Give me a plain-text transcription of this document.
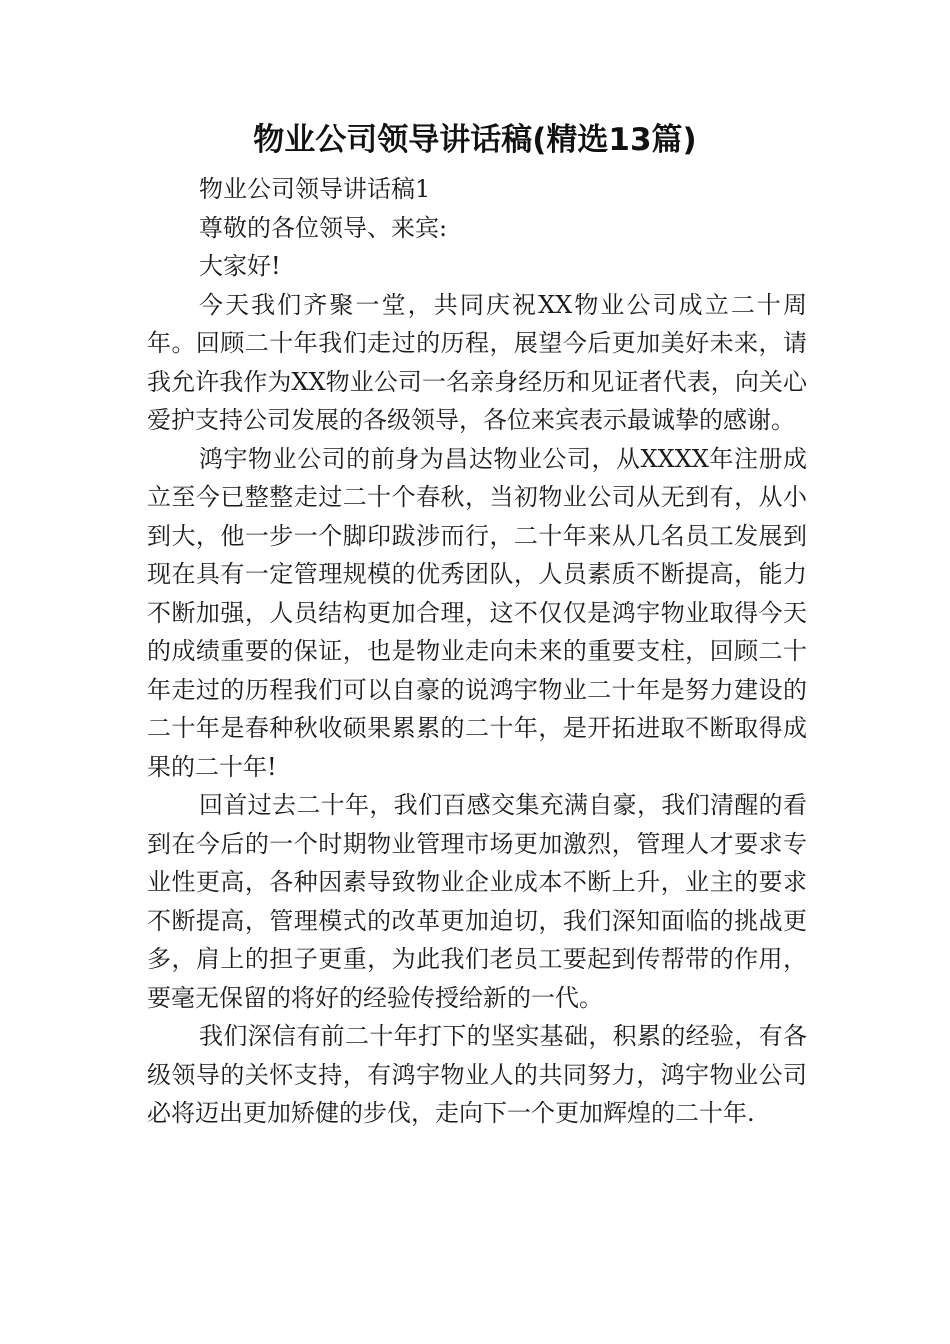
物业公司领导讲话稿(精选13篇)

物业公司领导讲话稿1

尊敬的各位领导、来宾:

大家好!

今天我们齐聚一堂，共同庆祝XX物业公司成立二十周年。回顾二十年我们走过的历程，展望今后更加美好未来，请我允许我作为XX物业公司一名亲身经历和见证者代表，向关心爱护支持公司发展的各级领导，各位来宾表示最诚挚的感谢。

鸿宇物业公司的前身为昌达物业公司，从XXXX年注册成立至今已整整走过二十个春秋，当初物业公司从无到有，从小到大，他一步一个脚印跋涉而行，二十年来从几名员工发展到现在具有一定管理规模的优秀团队，人员素质不断提高，能力不断加强，人员结构更加合理，这不仅仅是鸿宇物业取得今天的成绩重要的保证，也是物业走向未来的重要支柱，回顾二十年走过的历程我们可以自豪的说鸿宇物业二十年是努力建设的二十年是春种秋收硕果累累的二十年，是开拓进取不断取得成果的二十年!

回首过去二十年，我们百感交集充满自豪，我们清醒的看到在今后的一个时期物业管理市场更加激烈，管理人才要求专业性更高，各种因素导致物业企业成本不断上升，业主的要求不断提高，管理模式的改革更加迫切，我们深知面临的挑战更多，肩上的担子更重，为此我们老员工要起到传帮带的作用，要毫无保留的将好的经验传授给新的一代。

我们深信有前二十年打下的坚实基础，积累的经验，有各级领导的关怀支持，有鸿宇物业人的共同努力，鸿宇物业公司必将迈出更加矫健的步伐，走向下一个更加辉煌的二十年.
